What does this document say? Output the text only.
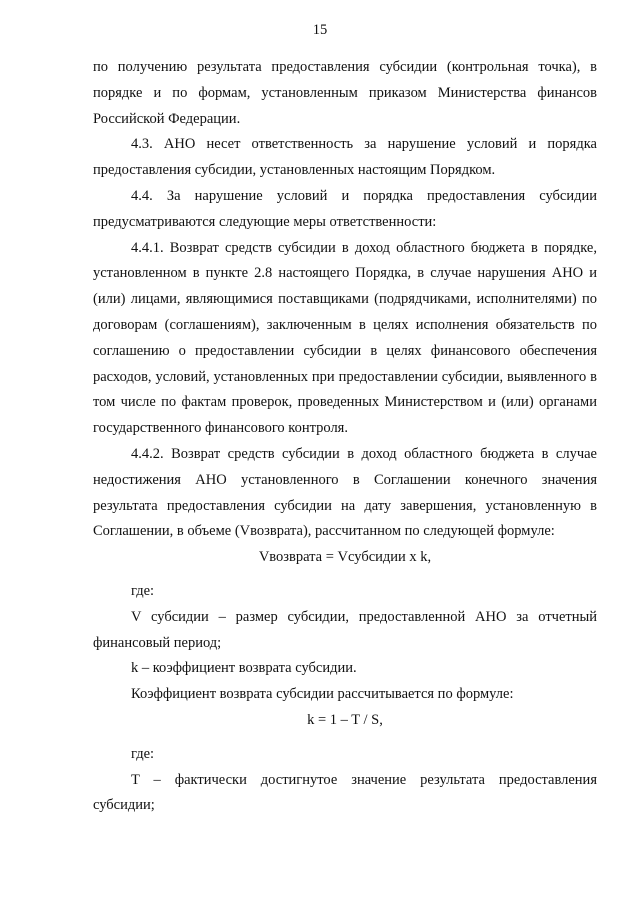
15

по получению результата предоставления субсидии (контрольная точка), в порядке и по формам, установленным приказом Министерства финансов Российской Федерации.

4.3. АНО несет ответственность за нарушение условий и порядка предоставления субсидии, установленных настоящим Порядком.

4.4. За нарушение условий и порядка предоставления субсидии предусматриваются следующие меры ответственности:

4.4.1. Возврат средств субсидии в доход областного бюджета в порядке, установленном в пункте 2.8 настоящего Порядка, в случае нарушения АНО и (или) лицами, являющимися поставщиками (подрядчиками, исполнителями) по договорам (соглашениям), заключенным в целях исполнения обязательств по соглашению о предоставлении субсидии в целях финансового обеспечения расходов, условий, установленных при предоставлении субсидии, выявленного в том числе по фактам проверок, проведенных Министерством и (или) органами государственного финансового контроля.

4.4.2. Возврат средств субсидии в доход областного бюджета в случае недостижения АНО установленного в Соглашении конечного значения результата предоставления субсидии на дату завершения, установленную в Соглашении, в объеме (Vвозврата), рассчитанном по следующей формуле:

Vвозврата = Vсубсидии х k,

где:

V субсидии – размер субсидии, предоставленной АНО за отчетный финансовый период;

k – коэффициент возврата субсидии.

Коэффициент возврата субсидии рассчитывается по формуле:

k = 1 – T / S,

где:

T – фактически достигнутое значение результата предоставления субсидии;
